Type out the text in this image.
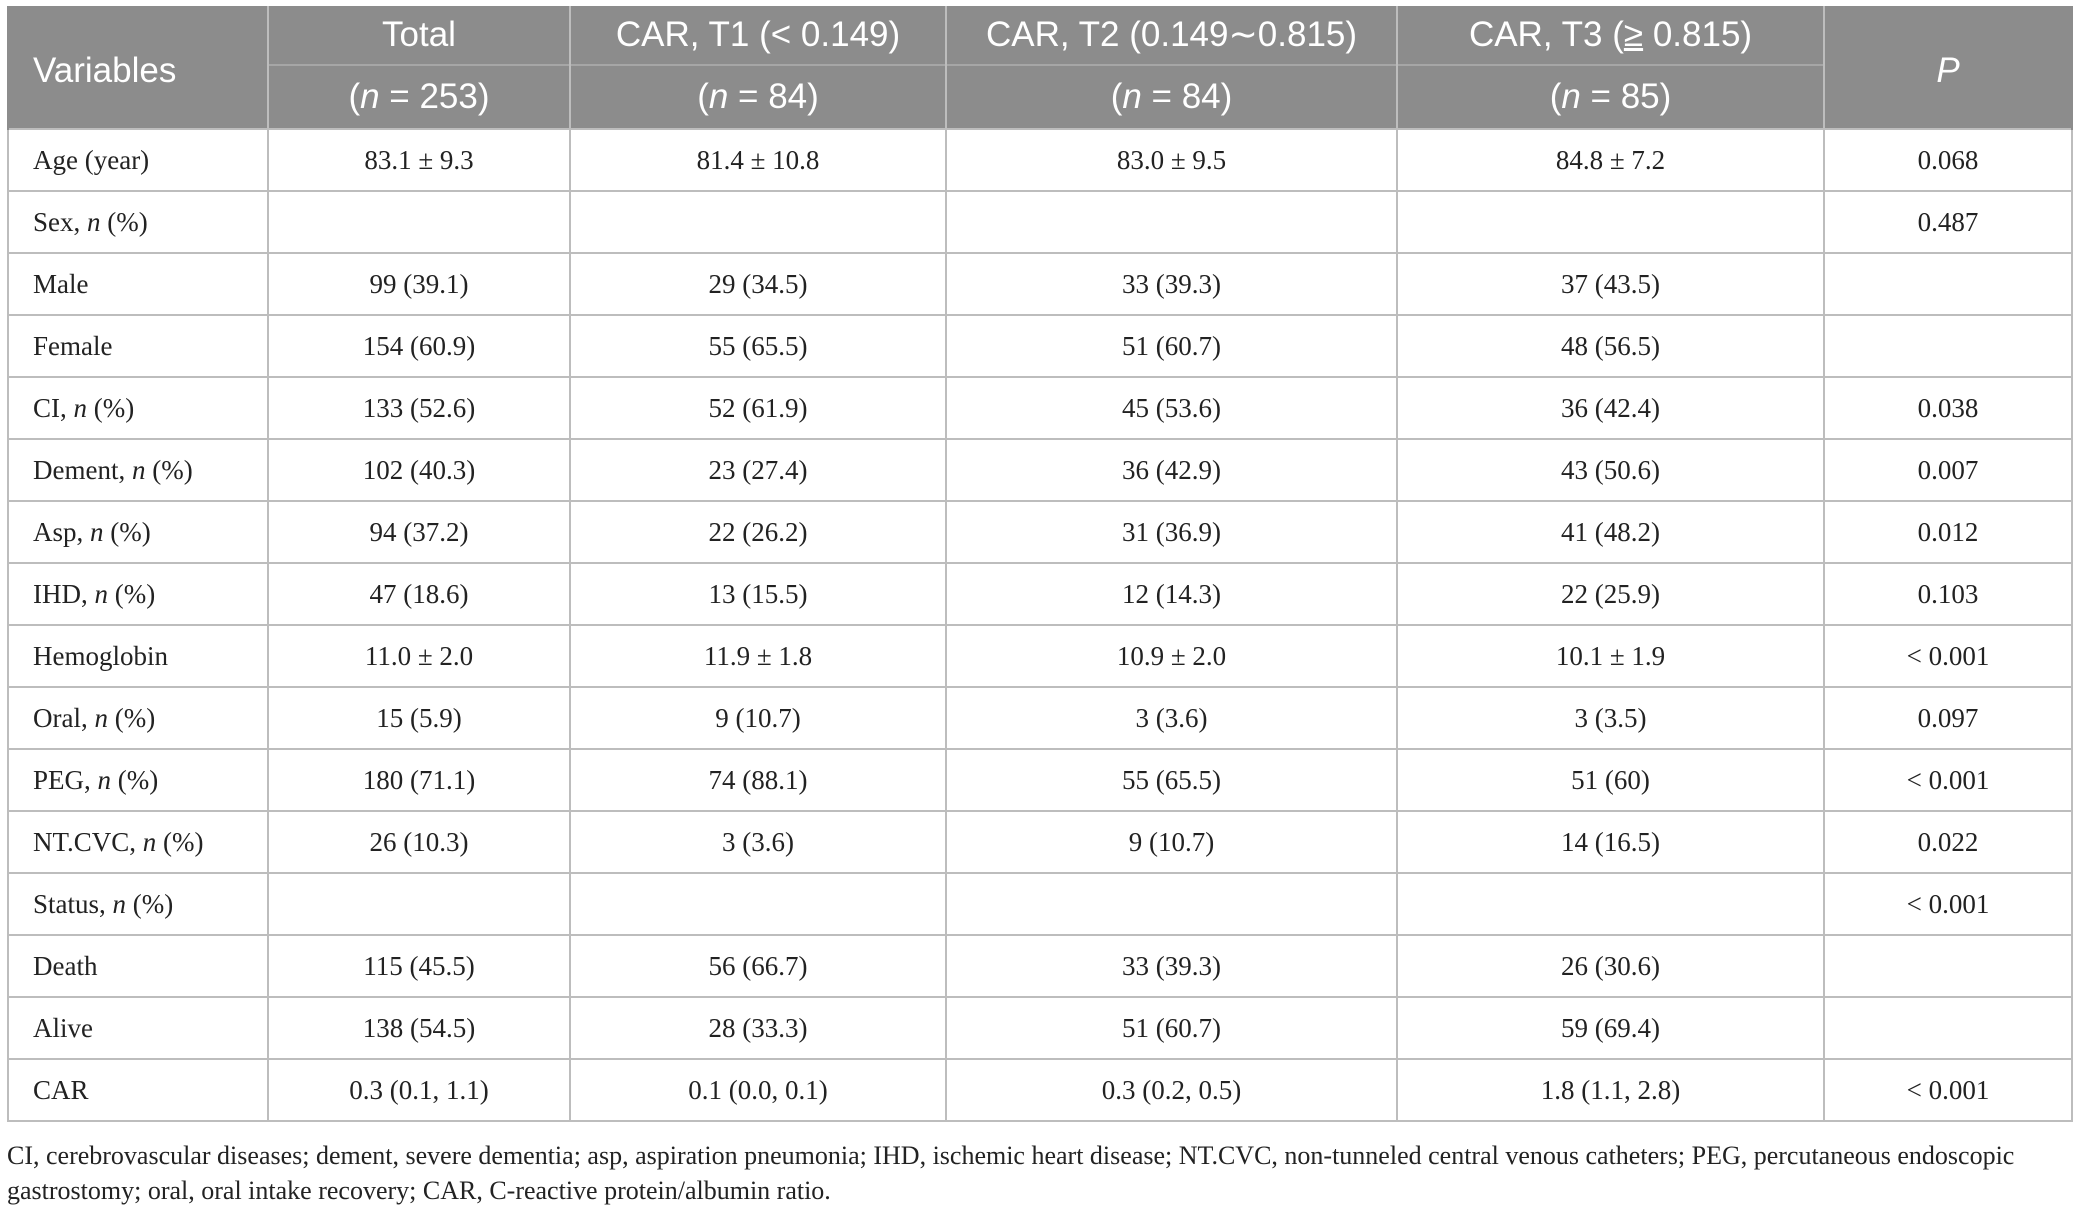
Variables	Total	CAR, T1 (< 0.149)	CAR, T2 (0.149∼0.815)	CAR, T3 (≥ 0.815)	P
	(n = 253)	(n = 84)	(n = 84)	(n = 85)	
Age (year)	83.1 ± 9.3	81.4 ± 10.8	83.0 ± 9.5	84.8 ± 7.2	0.068
Sex, n (%)					0.487
Male	99 (39.1)	29 (34.5)	33 (39.3)	37 (43.5)	
Female	154 (60.9)	55 (65.5)	51 (60.7)	48 (56.5)	
CI, n (%)	133 (52.6)	52 (61.9)	45 (53.6)	36 (42.4)	0.038
Dement, n (%)	102 (40.3)	23 (27.4)	36 (42.9)	43 (50.6)	0.007
Asp, n (%)	94 (37.2)	22 (26.2)	31 (36.9)	41 (48.2)	0.012
IHD, n (%)	47 (18.6)	13 (15.5)	12 (14.3)	22 (25.9)	0.103
Hemoglobin	11.0 ± 2.0	11.9 ± 1.8	10.9 ± 2.0	10.1 ± 1.9	< 0.001
Oral, n (%)	15 (5.9)	9 (10.7)	3 (3.6)	3 (3.5)	0.097
PEG, n (%)	180 (71.1)	74 (88.1)	55 (65.5)	51 (60)	< 0.001
NT.CVC, n (%)	26 (10.3)	3 (3.6)	9 (10.7)	14 (16.5)	0.022
Status, n (%)					< 0.001
Death	115 (45.5)	56 (66.7)	33 (39.3)	26 (30.6)	
Alive	138 (54.5)	28 (33.3)	51 (60.7)	59 (69.4)	
CAR	0.3 (0.1, 1.1)	0.1 (0.0, 0.1)	0.3 (0.2, 0.5)	1.8 (1.1, 2.8)	< 0.001
CI, cerebrovascular diseases; dement, severe dementia; asp, aspiration pneumonia; IHD, ischemic heart disease; NT.CVC, non-tunneled central venous catheters; PEG, percutaneous endoscopic gastrostomy; oral, oral intake recovery; CAR, C-reactive protein/albumin ratio.
